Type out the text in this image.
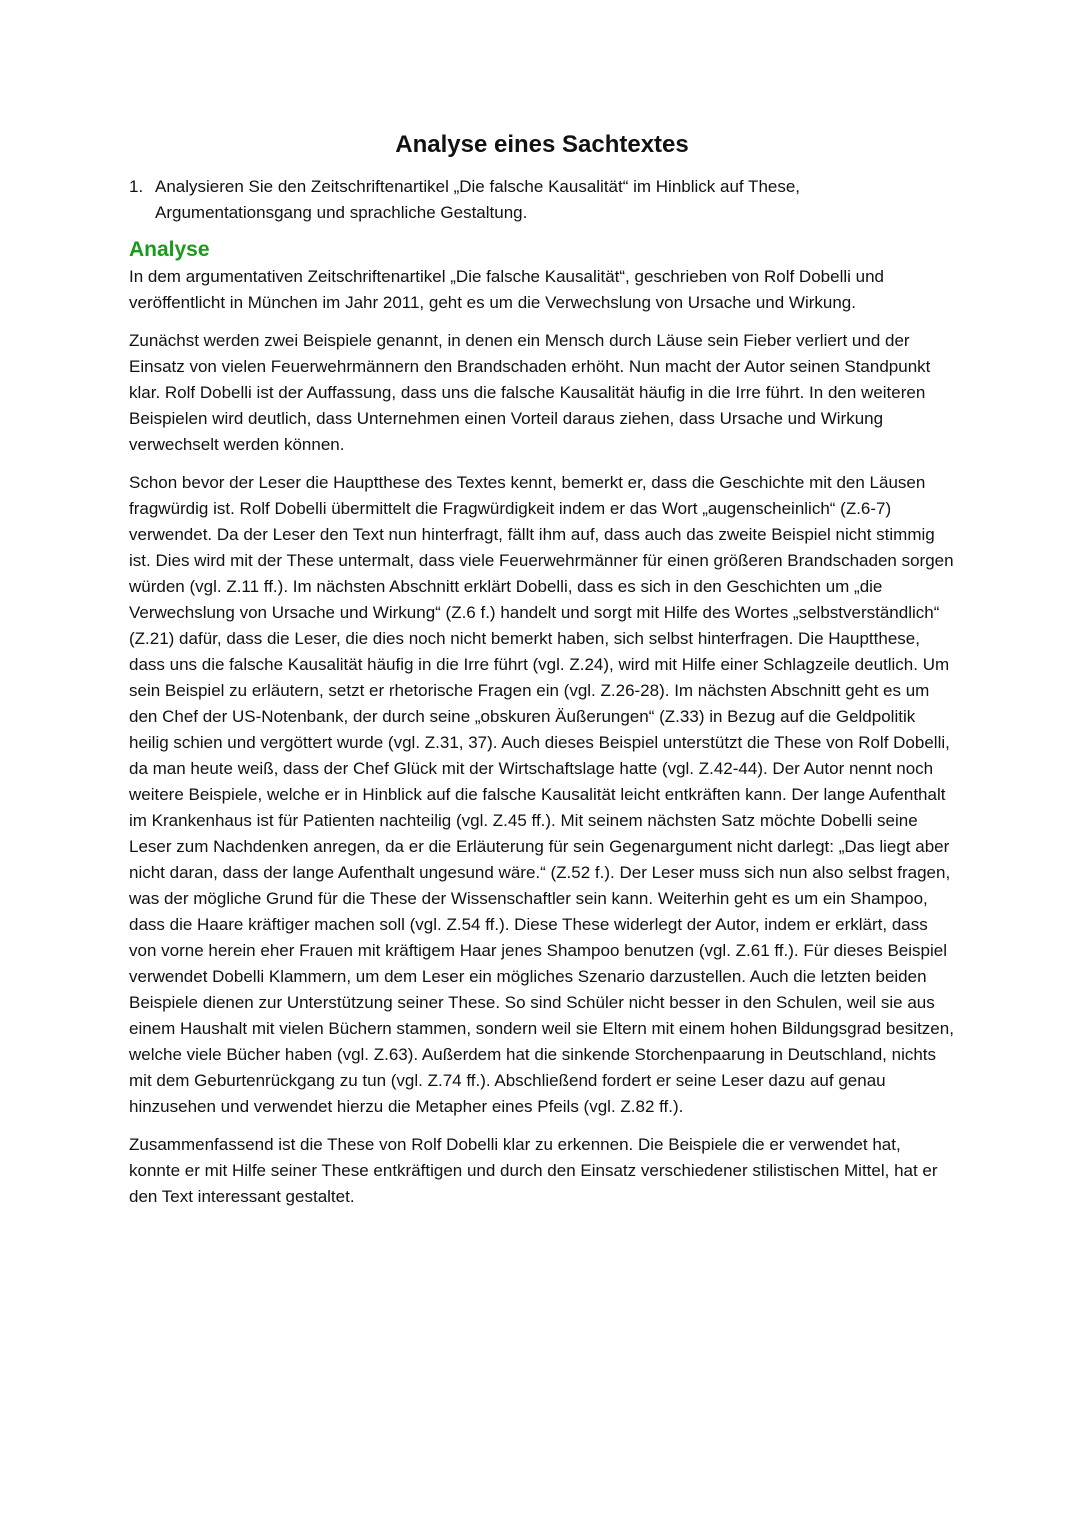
Analyse eines Sachtextes
1. Analysieren Sie den Zeitschriftenartikel „Die falsche Kausalität“ im Hinblick auf These, Argumentationsgang und sprachliche Gestaltung.
Analyse

In dem argumentativen Zeitschriftenartikel „Die falsche Kausalität“, geschrieben von Rolf Dobelli und veröffentlicht in München im Jahr 2011, geht es um die Verwechslung von Ursache und Wirkung.

Zunächst werden zwei Beispiele genannt, in denen ein Mensch durch Läuse sein Fieber verliert und der Einsatz von vielen Feuerwehrmännern den Brandschaden erhöht. Nun macht der Autor seinen Standpunkt klar. Rolf Dobelli ist der Auffassung, dass uns die falsche Kausalität häufig in die Irre führt. In den weiteren Beispielen wird deutlich, dass Unternehmen einen Vorteil daraus ziehen, dass Ursache und Wirkung verwechselt werden können.

Schon bevor der Leser die Hauptthese des Textes kennt, bemerkt er, dass die Geschichte mit den Läusen fragwürdig ist. Rolf Dobelli übermittelt die Fragwürdigkeit indem er das Wort „augenscheinlich“ (Z.6-7) verwendet. Da der Leser den Text nun hinterfragt, fällt ihm auf, dass auch das zweite Beispiel nicht stimmig ist. Dies wird mit der These untermalt, dass viele Feuerwehrmänner für einen größeren Brandschaden sorgen würden (vgl. Z.11 ff.). Im nächsten Abschnitt erklärt Dobelli, dass es sich in den Geschichten um „die Verwechslung von Ursache und Wirkung“ (Z.6 f.) handelt und sorgt mit Hilfe des Wortes „selbstverständlich“ (Z.21) dafür, dass die Leser, die dies noch nicht bemerkt haben, sich selbst hinterfragen. Die Hauptthese, dass uns die falsche Kausalität häufig in die Irre führt (vgl. Z.24), wird mit Hilfe einer Schlagzeile deutlich. Um sein Beispiel zu erläutern, setzt er rhetorische Fragen ein (vgl. Z.26-28). Im nächsten Abschnitt geht es um den Chef der US-Notenbank, der durch seine „obskuren Äußerungen“ (Z.33) in Bezug auf die Geldpolitik heilig schien und vergöttert wurde (vgl. Z.31, 37). Auch dieses Beispiel unterstützt die These von Rolf Dobelli, da man heute weiß, dass der Chef Glück mit der Wirtschaftslage hatte (vgl. Z.42-44). Der Autor nennt noch weitere Beispiele, welche er in Hinblick auf die falsche Kausalität leicht entkräften kann. Der lange Aufenthalt im Krankenhaus ist für Patienten nachteilig (vgl. Z.45 ff.). Mit seinem nächsten Satz möchte Dobelli seine Leser zum Nachdenken anregen, da er die Erläuterung für sein Gegenargument nicht darlegt: „Das liegt aber nicht daran, dass der lange Aufenthalt ungesund wäre.“ (Z.52 f.). Der Leser muss sich nun also selbst fragen, was der mögliche Grund für die These der Wissenschaftler sein kann. Weiterhin geht es um ein Shampoo, dass die Haare kräftiger machen soll (vgl. Z.54 ff.). Diese These widerlegt der Autor, indem er erklärt, dass von vorne herein eher Frauen mit kräftigem Haar jenes Shampoo benutzen (vgl. Z.61 ff.). Für dieses Beispiel verwendet Dobelli Klammern, um dem Leser ein mögliches Szenario darzustellen. Auch die letzten beiden Beispiele dienen zur Unterstützung seiner These. So sind Schüler nicht besser in den Schulen, weil sie aus einem Haushalt mit vielen Büchern stammen, sondern weil sie Eltern mit einem hohen Bildungsgrad besitzen, welche viele Bücher haben (vgl. Z.63). Außerdem hat die sinkende Storchenpaarung in Deutschland, nichts mit dem Geburtenrückgang zu tun (vgl. Z.74 ff.). Abschließend fordert er seine Leser dazu auf genau hinzusehen und verwendet hierzu die Metapher eines Pfeils (vgl. Z.82 ff.).

Zusammenfassend ist die These von Rolf Dobelli klar zu erkennen. Die Beispiele die er verwendet hat, konnte er mit Hilfe seiner These entkräftigen und durch den Einsatz verschiedener stilistischen Mittel, hat er den Text interessant gestaltet.
